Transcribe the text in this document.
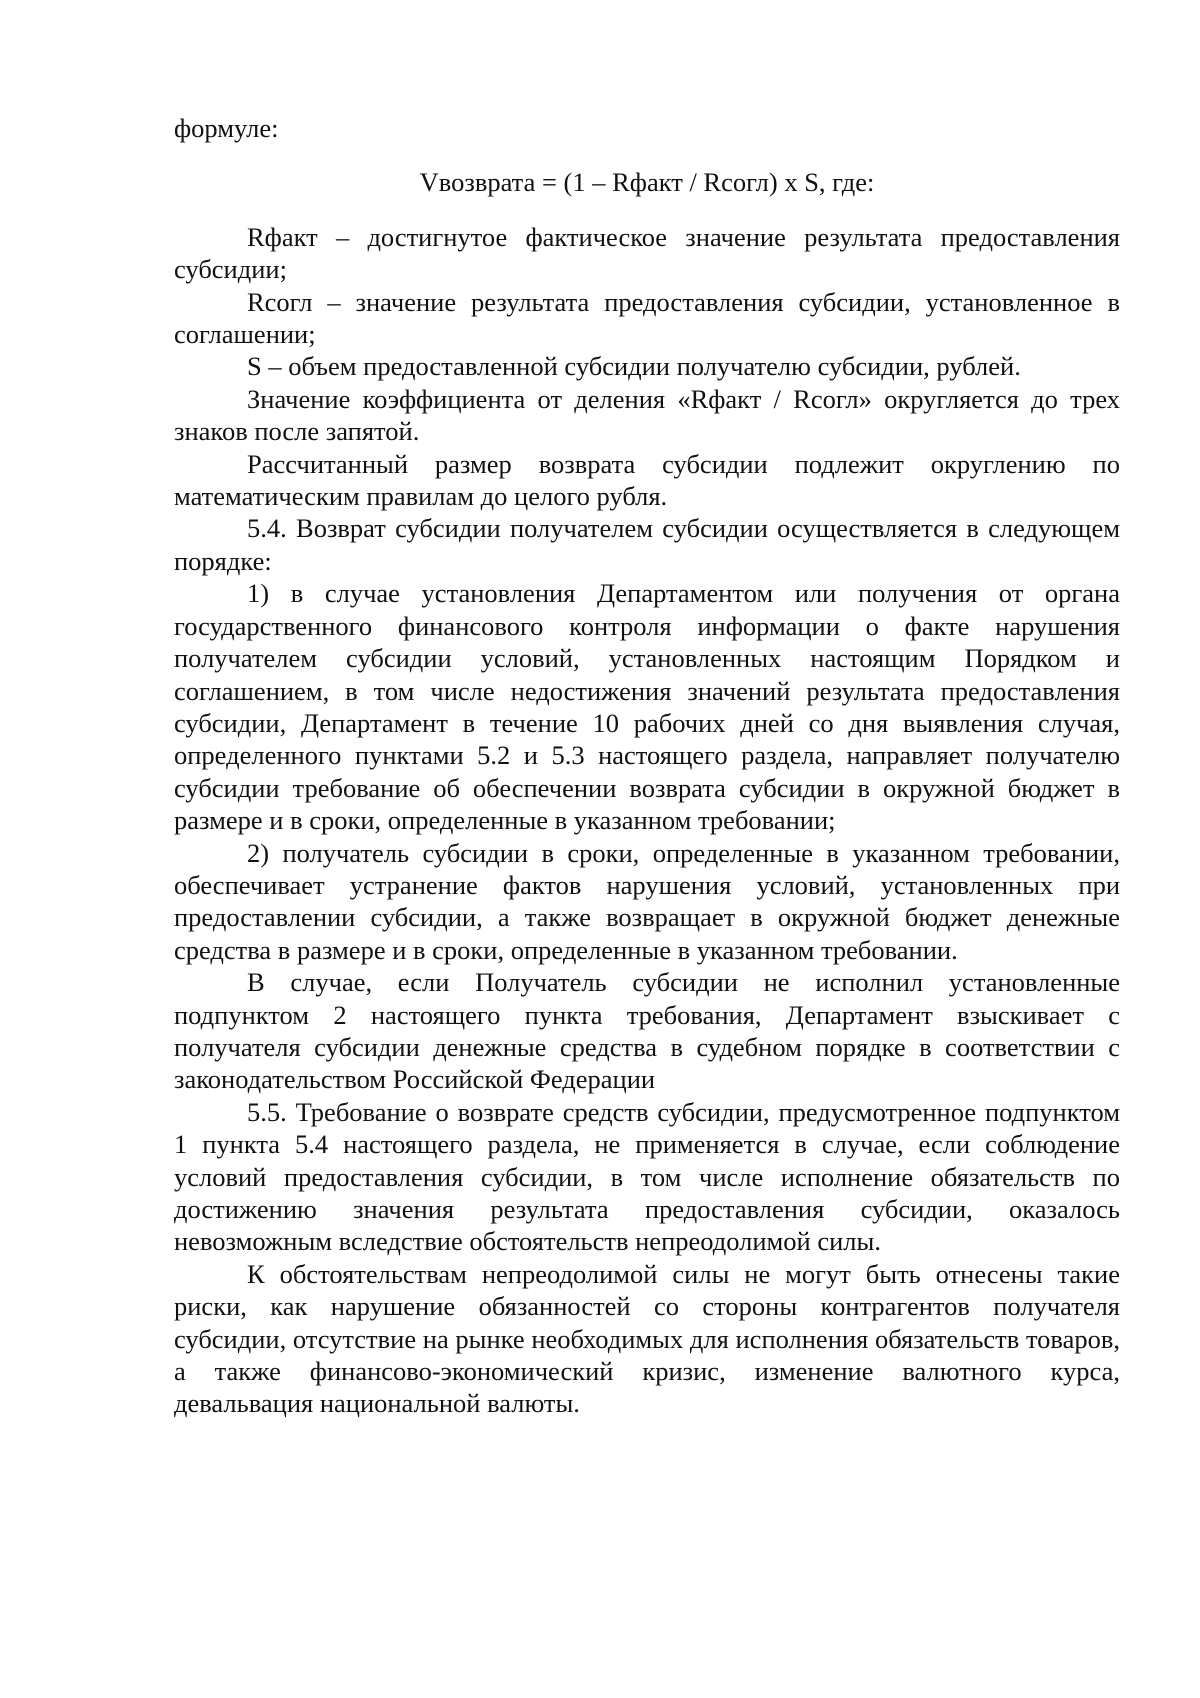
формуле:

Vвозврата = (1 – Rфакт / Rсогл) x S, где:

Rфакт – достигнутое фактическое значение результата предоставления субсидии;

Rсогл – значение результата предоставления субсидии, установленное в соглашении;

S – объем предоставленной субсидии получателю субсидии, рублей.

Значение коэффициента от деления «Rфакт / Rсогл» округляется до трех знаков после запятой.

Рассчитанный размер возврата субсидии подлежит округлению по математическим правилам до целого рубля.

5.4. Возврат субсидии получателем субсидии осуществляется в следующем порядке:

1) в случае установления Департаментом или получения от органа государственного финансового контроля информации о факте нарушения получателем субсидии условий, установленных настоящим Порядком и соглашением, в том числе недостижения значений результата предоставления субсидии, Департамент в течение 10 рабочих дней со дня выявления случая, определенного пунктами 5.2 и 5.3 настоящего раздела, направляет получателю субсидии требование об обеспечении возврата субсидии в окружной бюджет в размере и в сроки, определенные в указанном требовании;

2) получатель субсидии в сроки, определенные в указанном требовании, обеспечивает устранение фактов нарушения условий, установленных при предоставлении субсидии, а также возвращает в окружной бюджет денежные средства в размере и в сроки, определенные в указанном требовании.

В случае, если Получатель субсидии не исполнил установленные подпунктом 2 настоящего пункта требования, Департамент взыскивает с получателя субсидии денежные средства в судебном порядке в соответствии с законодательством Российской Федерации

5.5. Требование о возврате средств субсидии, предусмотренное подпунктом 1 пункта 5.4 настоящего раздела, не применяется в случае, если соблюдение условий предоставления субсидии, в том числе исполнение обязательств по достижению значения результата предоставления субсидии, оказалось невозможным вследствие обстоятельств непреодолимой силы.

К обстоятельствам непреодолимой силы не могут быть отнесены такие риски, как нарушение обязанностей со стороны контрагентов получателя субсидии, отсутствие на рынке необходимых для исполнения обязательств товаров, а также финансово-экономический кризис, изменение валютного курса, девальвация национальной валюты.
